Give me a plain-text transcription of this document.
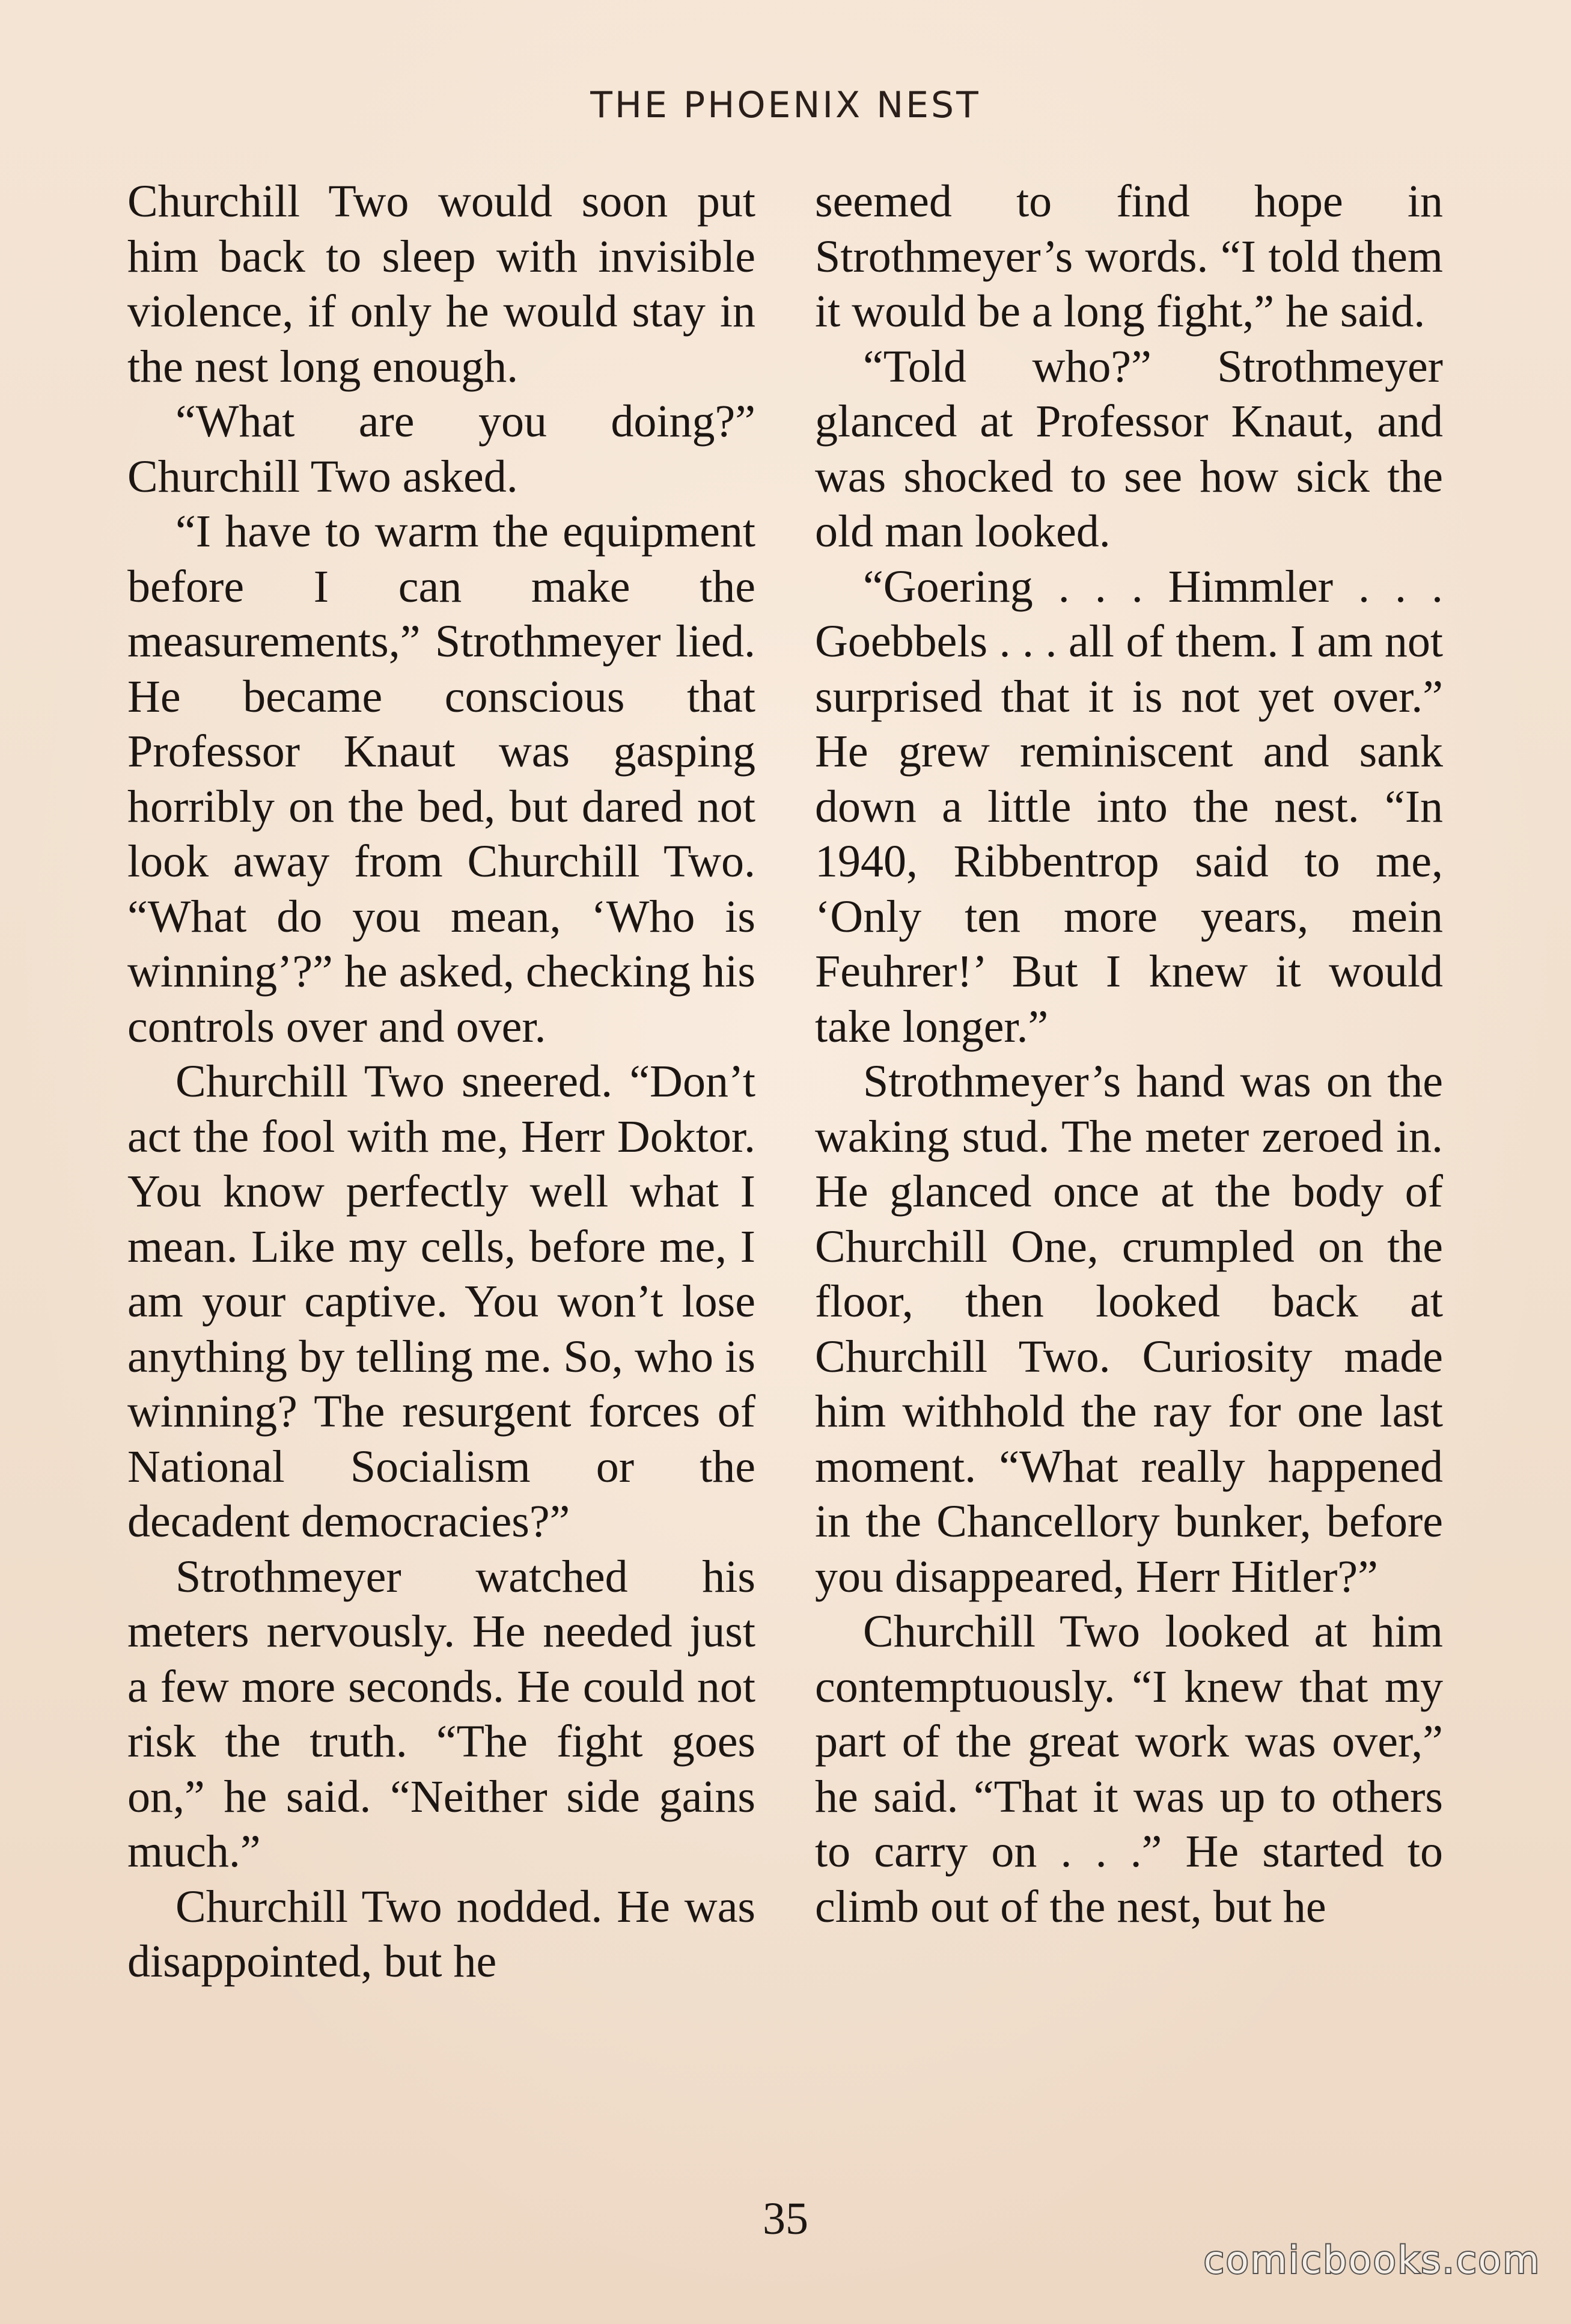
THE PHOENIX NEST

Churchill Two would soon put him back to sleep with invisible violence, if only he would stay in the nest long enough.

“What are you doing?” Churchill Two asked.

“I have to warm the equipment before I can make the measurements,” Strothmeyer lied. He became conscious that Professor Knaut was gasping horribly on the bed, but dared not look away from Churchill Two. “What do you mean, ‘Who is winning’?” he asked, checking his controls over and over.

Churchill Two sneered. “Don’t act the fool with me, Herr Doktor. You know perfectly well what I mean. Like my cells, before me, I am your captive. You won’t lose anything by telling me. So, who is winning? The resurgent forces of National Socialism or the decadent democracies?”

Strothmeyer watched his meters nervously. He needed just a few more seconds. He could not risk the truth. “The fight goes on,” he said. “Neither side gains much.”

Churchill Two nodded. He was disappointed, but he

seemed to find hope in Strothmeyer’s words. “I told them it would be a long fight,” he said.

“Told who?” Strothmeyer glanced at Professor Knaut, and was shocked to see how sick the old man looked.

“Goering . . . Himmler . . . Goebbels . . . all of them. I am not surprised that it is not yet over.” He grew reminiscent and sank down a little into the nest. “In 1940, Ribbentrop said to me, ‘Only ten more years, mein Feuhrer!’ But I knew it would take longer.”

Strothmeyer’s hand was on the waking stud. The meter zeroed in. He glanced once at the body of Churchill One, crumpled on the floor, then looked back at Churchill Two. Curiosity made him withhold the ray for one last moment. “What really happened in the Chancellory bunker, before you disappeared, Herr Hitler?”

Churchill Two looked at him contemptuously. “I knew that my part of the great work was over,” he said. “That it was up to others to carry on . . .” He started to climb out of the nest, but he

35
comicbooks.com
